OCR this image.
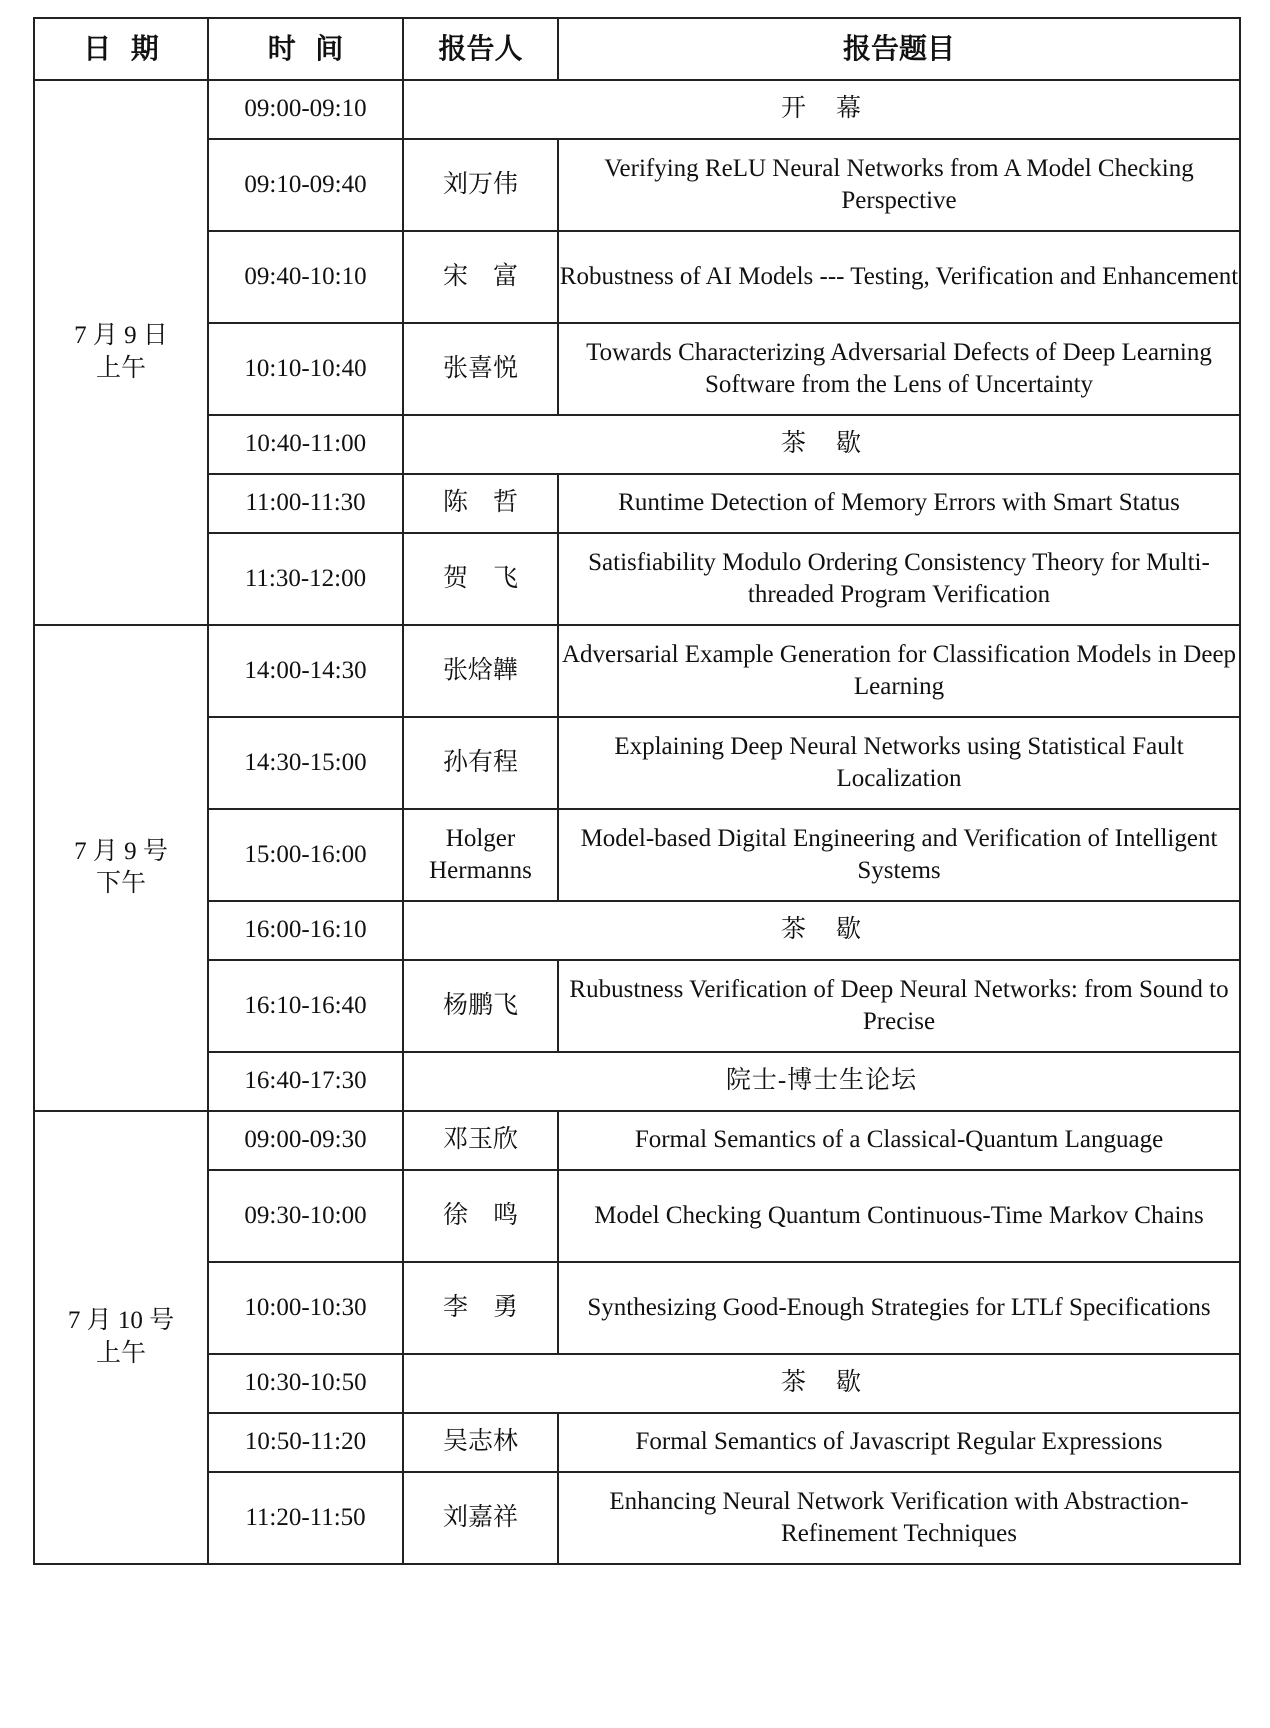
日  期	时  间	报告人	报告题目

7 月 9 日
上午	09:00-09:10	开    幕	
	09:10-09:40	刘万伟	Verifying ReLU Neural Networks from A Model Checking Perspective
	09:40-10:10	宋    富	Robustness of AI Models --- Testing, Verification and Enhancement
	10:10-10:40	张喜悦	Towards Characterizing Adversarial Defects of Deep Learning Software from the Lens of Uncertainty
	10:40-11:00	茶    歇	
	11:00-11:30	陈    哲	Runtime Detection of Memory Errors with Smart Status
	11:30-12:00	贺    飞	Satisfiability Modulo Ordering Consistency Theory for Multi-threaded Program Verification

7 月 9 号
下午	14:00-14:30	张焓韡	Adversarial Example Generation for Classification Models in Deep Learning
	14:30-15:00	孙有程	Explaining Deep Neural Networks using Statistical Fault Localization
	15:00-16:00	Holger Hermanns	Model-based Digital Engineering and Verification of Intelligent Systems
	16:00-16:10	茶    歇	
	16:10-16:40	杨鹏飞	Rubustness Verification of Deep Neural Networks: from Sound to Precise
	16:40-17:30	院士-博士生论坛	

7 月 10 号
上午	09:00-09:30	邓玉欣	Formal Semantics of a Classical-Quantum Language
	09:30-10:00	徐    鸣	Model Checking Quantum Continuous-Time Markov Chains
	10:00-10:30	李    勇	Synthesizing Good-Enough Strategies for LTLf Specifications
	10:30-10:50	茶    歇	
	10:50-11:20	吴志林	Formal Semantics of Javascript Regular Expressions
	11:20-11:50	刘嘉祥	Enhancing Neural Network Verification with Abstraction-Refinement Techniques
